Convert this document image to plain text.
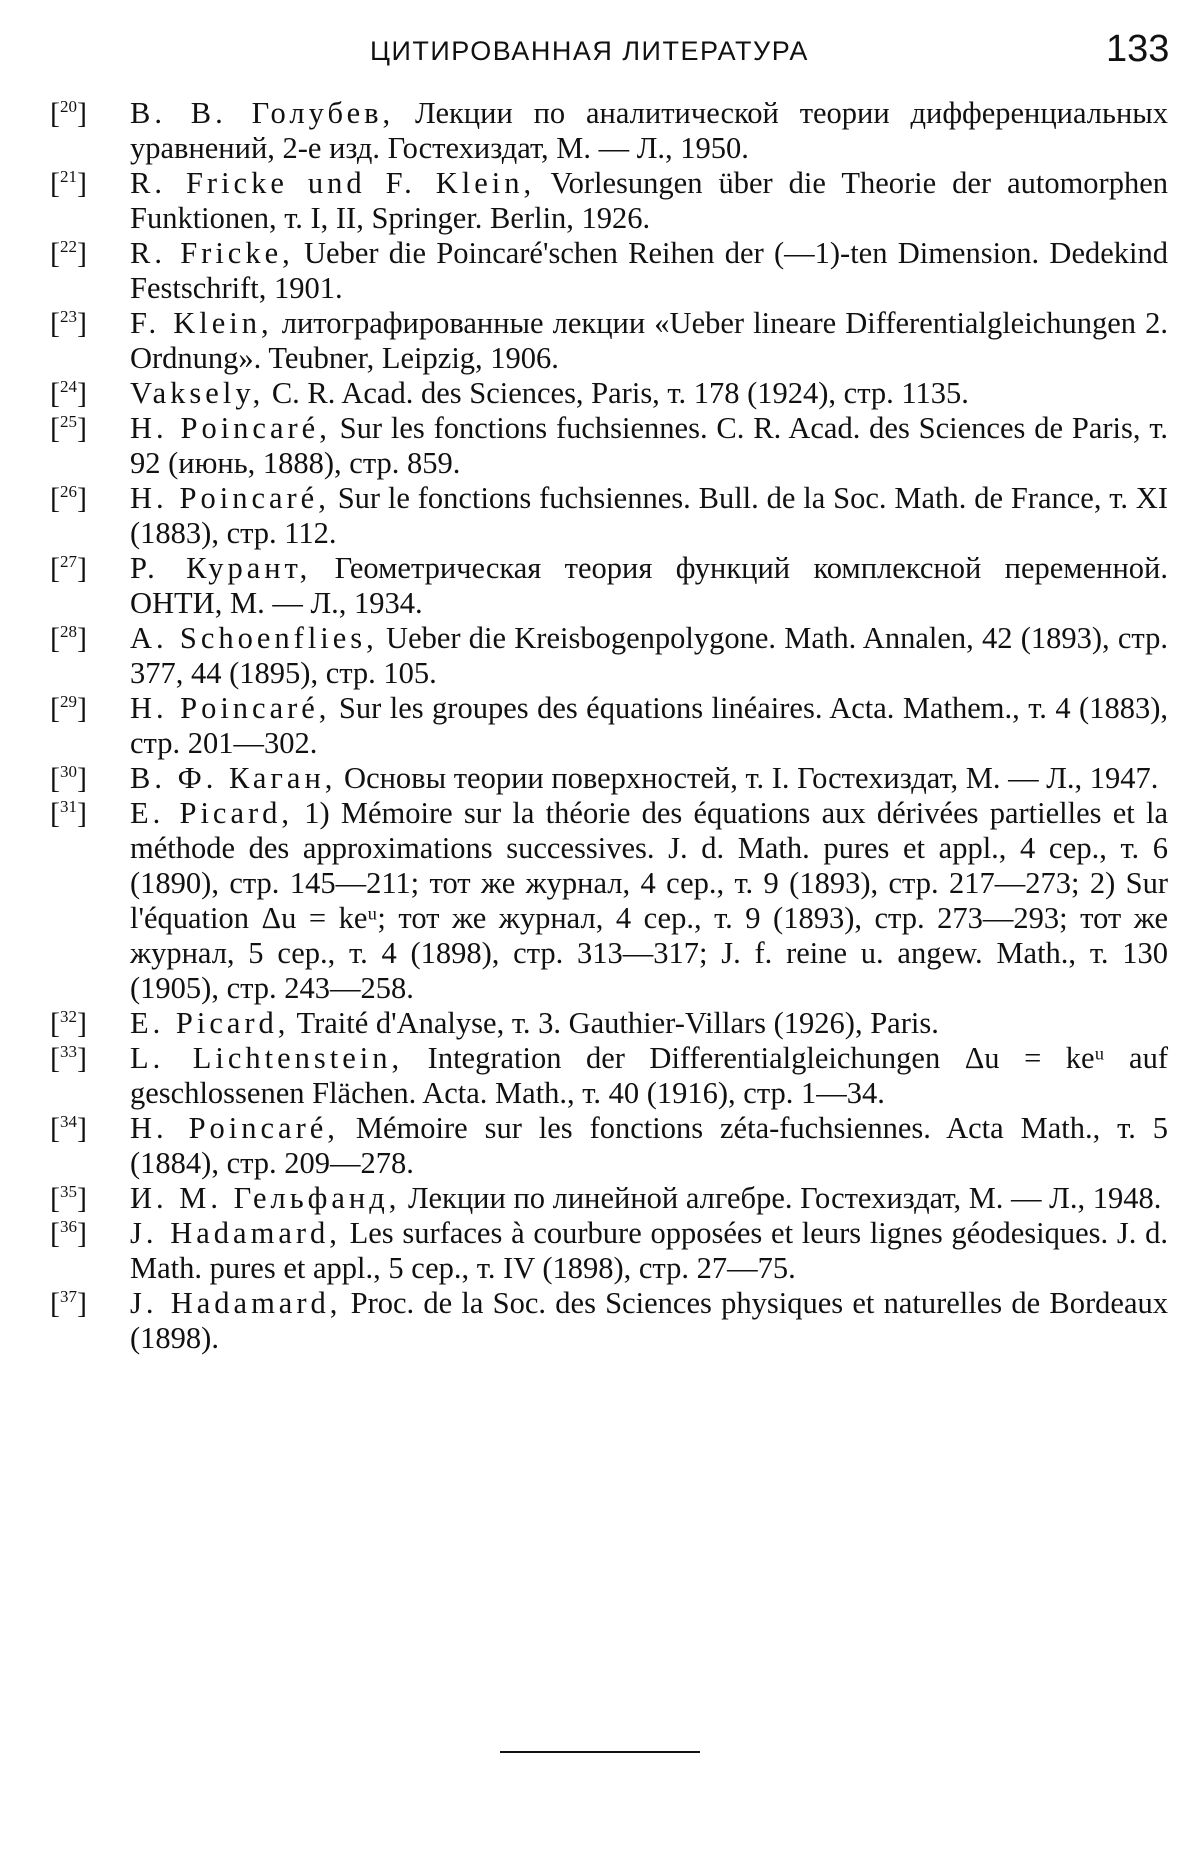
ЦИТИРОВАННАЯ ЛИТЕРАТУРА	133
[$^{20}$] В. В. Голубев, Лекции по аналитической теории дифференциальных уравнений, 2-е изд. Гостехиздат, М. — Л., 1950.
[$^{21}$] R. Fricke und F. Klein, Vorlesungen über die Theorie der automorphen Funktionen, т. I, II, Springer. Berlin, 1926.
[$^{22}$] R. Fricke, Ueber die Poincaré'schen Reihen der (—1)-ten Dimension. Dedekind Festschrift, 1901.
[$^{23}$] F. Klein, литографированные лекции «Ueber lineare Differentialgleichungen 2. Ordnung». Teubner, Leipzig, 1906.
[$^{24}$] Vaksely, C. R. Acad. des Sciences, Paris, т. 178 (1924), стр. 1135.
[$^{25}$] H. Poincaré, Sur les fonctions fuchsiennes. C. R. Acad. des Sciences de Paris, т. 92 (июнь, 1888), стр. 859.
[$^{26}$] H. Poincaré, Sur le fonctions fuchsiennes. Bull. de la Soc. Math. de France, т. XI (1883), стр. 112.
[$^{27}$] Р. Курант, Геометрическая теория функций комплексной переменной. ОНТИ, М. — Л., 1934.
[$^{28}$] A. Schoenflies, Ueber die Kreisbogenpolygone. Math. Annalen, 42 (1893), стр. 377, 44 (1895), стр. 105.
[$^{29}$] H. Poincaré, Sur les groupes des équations linéaires. Acta. Mathem., т. 4 (1883), стр. 201—302.
[$^{30}$] В. Ф. Каган, Основы теории поверхностей, т. I. Гостехиздат, М. — Л., 1947.
[$^{31}$] E. Picard, 1) Mémoire sur la théorie des équations aux dérivées partielles et la méthode des approximations successives. J. d. Math. pures et appl., 4 сер., т. 6 (1890), стр. 145—211; тот же журнал, 4 сер., т. 9 (1893), стр. 217—273; 2) Sur l'équation Δu = keᵘ; тот же журнал, 4 сер., т. 9 (1893), стр. 273—293; тот же журнал, 5 сер., т. 4 (1898), стр. 313—317; J. f. reine u. angew. Math., т. 130 (1905), стр. 243—258.
[$^{32}$] E. Picard, Traité d'Analyse, т. 3. Gauthier-Villars (1926), Paris.
[$^{33}$] L. Lichtenstein, Integration der Differentialgleichungen Δu = keᵘ auf geschlossenen Flächen. Acta. Math., т. 40 (1916), стр. 1—34.
[$^{34}$] H. Poincaré, Mémoire sur les fonctions zéta-fuchsiennes. Acta Math., т. 5 (1884), стр. 209—278.
[$^{35}$] И. М. Гельфанд, Лекции по линейной алгебре. Гостехиздат, М. — Л., 1948.
[$^{36}$] J. Hadamard, Les surfaces à courbure opposées et leurs lignes géodesiques. J. d. Math. pures et appl., 5 сер., т. IV (1898), стр. 27—75.
[$^{37}$] J. Hadamard, Proc. de la Soc. des Sciences physiques et naturelles de Bordeaux (1898).
